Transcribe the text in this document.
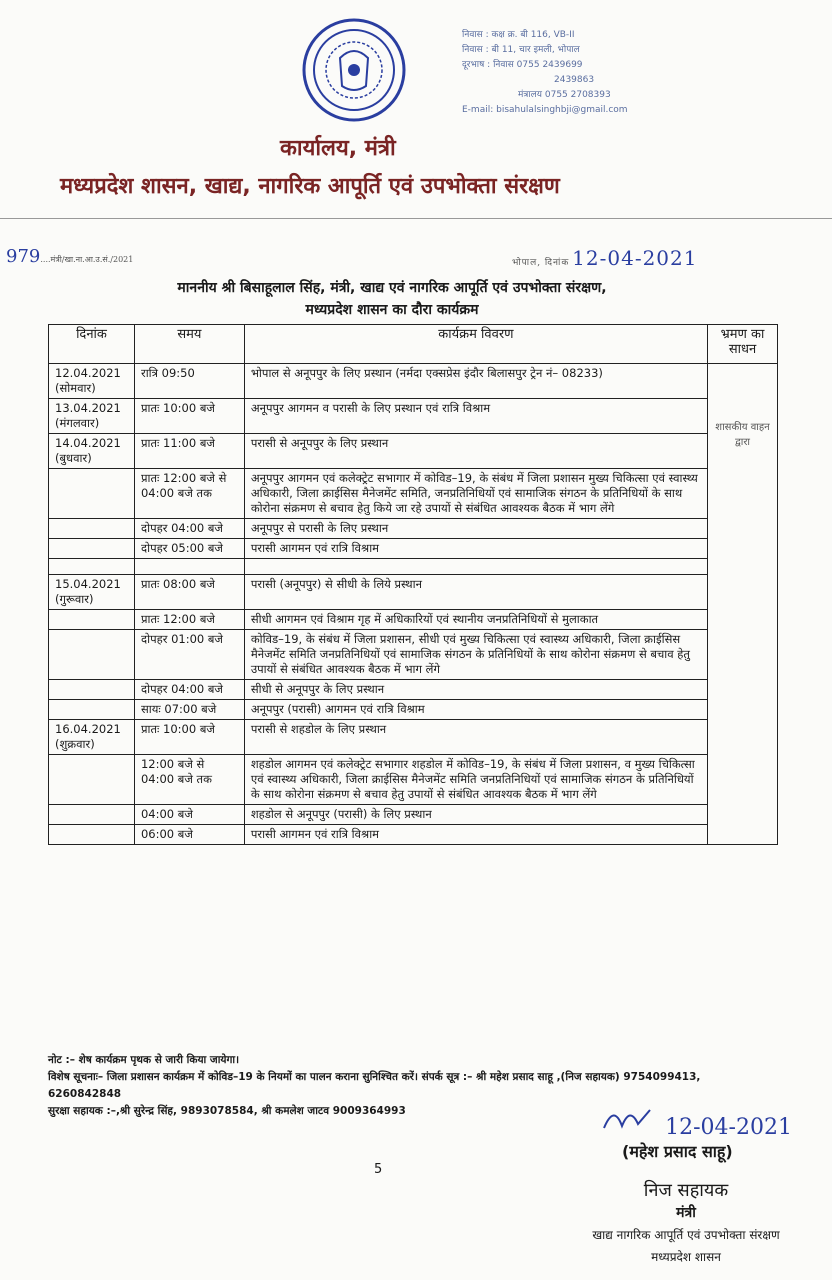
निवास : कक्ष क्र. बी 116, VB-II
निवास : बी 11, चार इमली, भोपाल
दूरभाष : निवास 0755 2439699
2439863
मंत्रालय 0755 2708393
E-mail: bisahulalsinghbji@gmail.com
कार्यालय, मंत्री
मध्यप्रदेश शासन, खाद्य, नागरिक आपूर्ति एवं उपभोक्ता संरक्षण
979....मंत्री/खा.ना.आ.उ.सं./2021	भोपाल, दिनांक 12-04-2021
माननीय श्री बिसाहूलाल सिंह, मंत्री, खाद्य एवं नागरिक आपूर्ति एवं उपभोक्ता संरक्षण,
मध्यप्रदेश शासन का दौरा कार्यक्रम
दिनांक	समय	कार्यक्रम विवरण	भ्रमण का साधन
12.04.2021 (सोमवार)	रात्रि 09:50	भोपाल से अनूपपुर के लिए प्रस्थान (नर्मदा एक्सप्रेस इंदौर बिलासपुर ट्रेन नं– 08233)	शासकीय वाहन द्वारा
13.04.2021 (मंगलवार)	प्रातः 10:00 बजे	अनूपपुर आगमन व परासी के लिए प्रस्थान एवं रात्रि विश्राम	
14.04.2021 (बुधवार)	प्रातः 11:00 बजे	परासी से अनूपपुर के लिए प्रस्थान	
	प्रातः 12:00 बजे से 04:00 बजे तक	अनूपपुर आगमन एवं कलेक्ट्रेट सभागार में कोविड–19, के संबंध में जिला प्रशासन मुख्य चिकित्सा एवं स्वास्थ्य अधिकारी, जिला क्राईसिस मैनेजमेंट समिति, जनप्रतिनिधियों एवं सामाजिक संगठन के प्रतिनिधियों के साथ कोरोना संक्रमण से बचाव हेतु किये जा रहे उपायों से संबंधित आवश्यक बैठक में भाग लेंगे	
	दोपहर 04:00 बजे	अनूपपुर से परासी के लिए प्रस्थान	
	दोपहर 05:00 बजे	परासी आगमन एवं रात्रि विश्राम	

15.04.2021 (गुरूवार)	प्रातः 08:00 बजे	परासी (अनूपपुर) से सीधी के लिये प्रस्थान	
	प्रातः 12:00 बजे	सीधी आगमन एवं विश्राम गृह में अधिकारियों एवं स्थानीय जनप्रतिनिधियों से मुलाकात	
	दोपहर 01:00 बजे	कोविड–19, के संबंध में जिला प्रशासन, सीधी एवं मुख्य चिकित्सा एवं स्वास्थ्य अधिकारी, जिला क्राईसिस मैनेजमेंट समिति जनप्रतिनिधियों एवं सामाजिक संगठन के प्रतिनिधियों के साथ कोरोना संक्रमण से बचाव हेतु उपायों से संबंधित आवश्यक बैठक में भाग लेंगे	
	दोपहर 04:00 बजे	सीधी से अनूपपुर के लिए प्रस्थान	
	सायः 07:00 बजे	अनूपपुर (परासी) आगमन एवं रात्रि विश्राम	
16.04.2021 (शुक्रवार)	प्रातः 10:00 बजे	परासी से शहडोल के लिए प्रस्थान	
	12:00 बजे से 04:00 बजे तक	शहडोल आगमन एवं कलेक्ट्रेट सभागार शहडोल में कोविड–19, के संबंध में जिला प्रशासन, व मुख्य चिकित्सा एवं स्वास्थ्य अधिकारी, जिला क्राईसिस मैनेजमेंट समिति जनप्रतिनिधियों एवं सामाजिक संगठन के प्रतिनिधियों के साथ कोरोना संक्रमण से बचाव हेतु उपायों से संबंधित आवश्यक बैठक में भाग लेंगे	
	04:00 बजे	शहडोल से अनूपपुर (परासी) के लिए प्रस्थान	
	06:00 बजे	परासी आगमन एवं रात्रि विश्राम	
नोट :– शेष कार्यक्रम पृथक से जारी किया जायेगा।
विशेष सूचनाः– जिला प्रशासन कार्यक्रम में कोविड–19 के नियमों का पालन कराना सुनिश्चित करें। संपर्क सूत्र :– श्री महेश प्रसाद साहू ,(निज सहायक) 9754099413, 6260842848
सुरक्षा सहायक :–,श्री सुरेन्द्र सिंह, 9893078584, श्री कमलेश जाटव 9009364993
12-04-2021
(महेश प्रसाद साहू)
5
निज सहायक
मंत्री
खाद्य नागरिक आपूर्ति एवं उपभोक्ता संरक्षण
मध्यप्रदेश शासन
